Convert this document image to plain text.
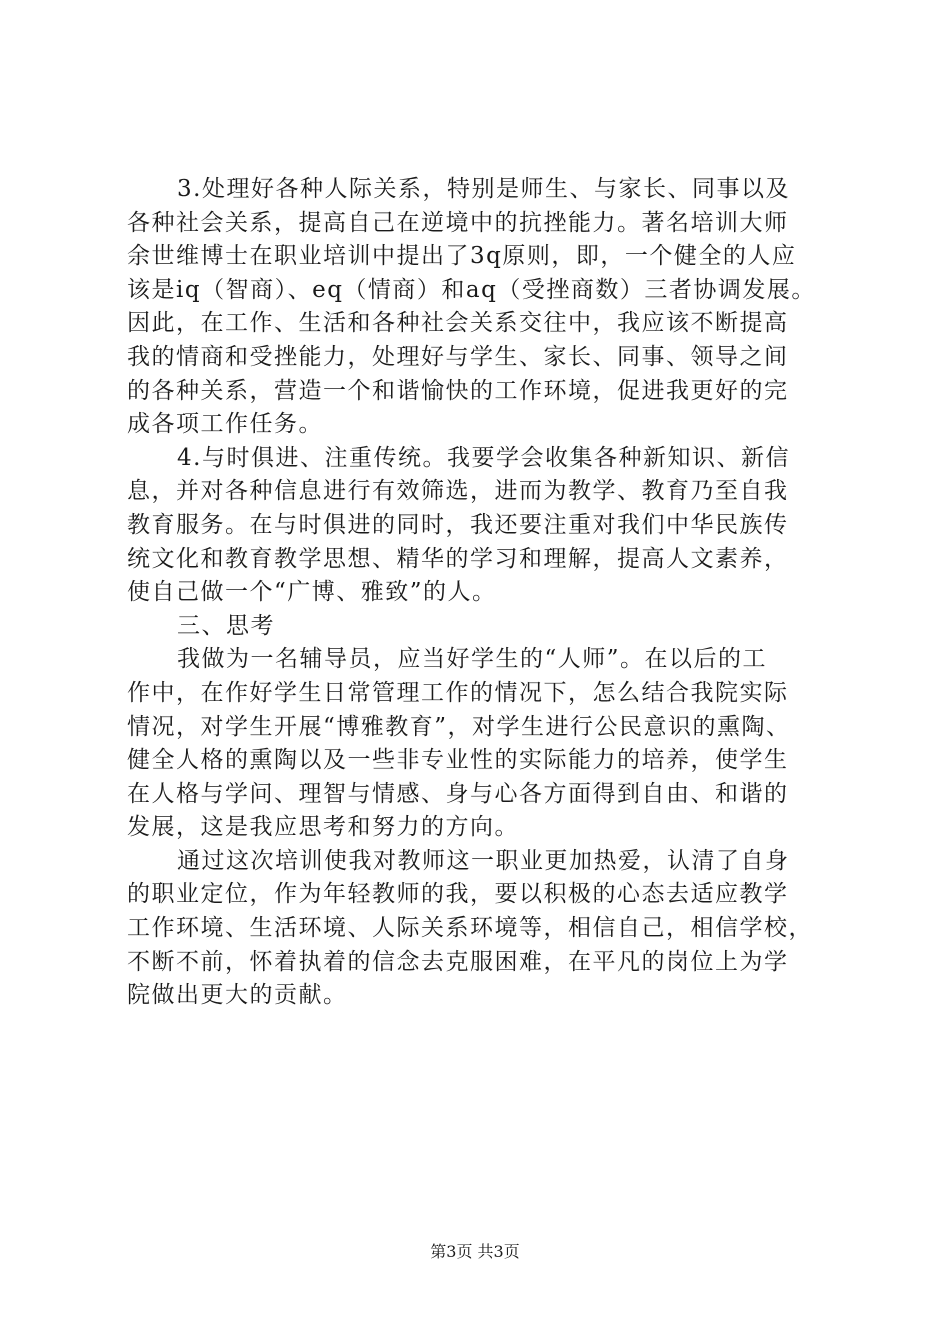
3.处理好各种人际关系，特别是师生、与家长、同事以及
各种社会关系，提高自己在逆境中的抗挫能力。著名培训大师
余世维博士在职业培训中提出了3q原则，即，一个健全的人应
该是iq（智商）、eq（情商）和aq（受挫商数）三者协调发展。
因此，在工作、生活和各种社会关系交往中，我应该不断提高
我的情商和受挫能力，处理好与学生、家长、同事、领导之间
的各种关系，营造一个和谐愉快的工作环境，促进我更好的完
成各项工作任务。
4.与时俱进、注重传统。我要学会收集各种新知识、新信
息，并对各种信息进行有效筛选，进而为教学、教育乃至自我
教育服务。在与时俱进的同时，我还要注重对我们中华民族传
统文化和教育教学思想、精华的学习和理解，提高人文素养，
使自己做一个“广博、雅致”的人。
三、思考
我做为一名辅导员，应当好学生的“人师”。在以后的工
作中，在作好学生日常管理工作的情况下，怎么结合我院实际
情况，对学生开展“博雅教育”，对学生进行公民意识的熏陶、
健全人格的熏陶以及一些非专业性的实际能力的培养，使学生
在人格与学问、理智与情感、身与心各方面得到自由、和谐的
发展，这是我应思考和努力的方向。
通过这次培训使我对教师这一职业更加热爱，认清了自身
的职业定位，作为年轻教师的我，要以积极的心态去适应教学
工作环境、生活环境、人际关系环境等，相信自己，相信学校，
不断不前，怀着执着的信念去克服困难，在平凡的岗位上为学
院做出更大的贡献。
第3页 共3页
